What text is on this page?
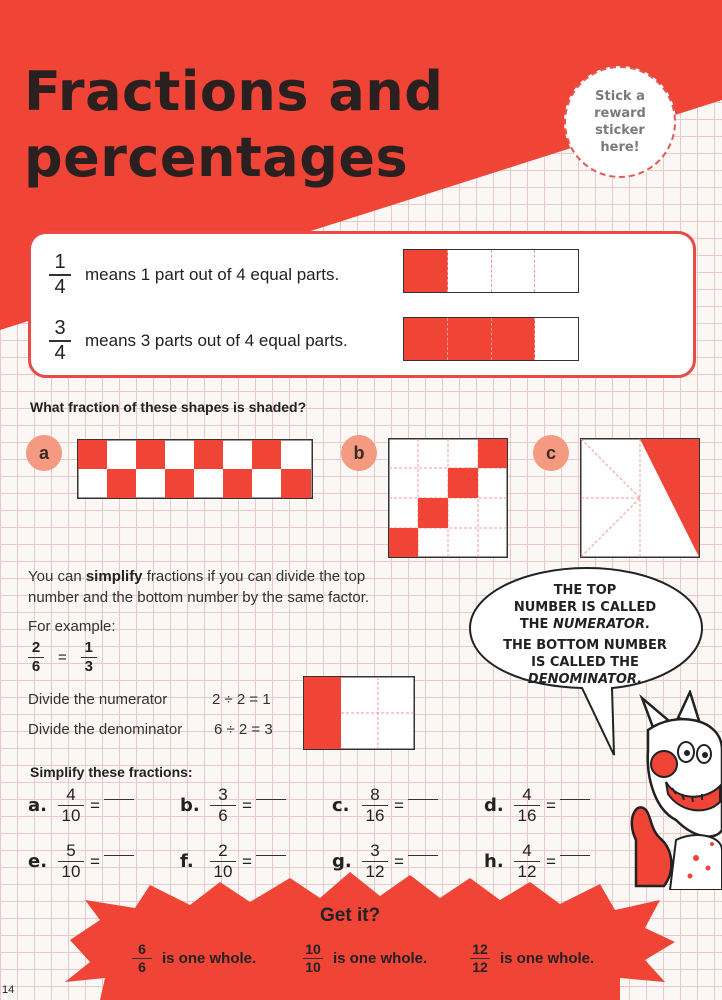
Fractions and
percentages
Stick a reward sticker here!
$\frac{1}{4}$ means 1 part out of 4 equal parts.
$\frac{3}{4}$ means 3 parts out of 4 equal parts.
What fraction of these shapes is shaded?
a	b	c
You can simplify fractions if you can divide the top
number and the bottom number by the same factor.
For example:
$\frac{2}{6} = \frac{1}{3}$
Divide the numerator	2 ÷ 2 = 1
Divide the denominator 6 ÷ 2 = 3
THE TOP
NUMBER IS CALLED
THE NUMERATOR.
THE BOTTOM NUMBER
IS CALLED THE
DENOMINATOR.
Simplify these fractions:
a. $\frac{4}{10}$ =	b. $\frac{3}{6}$ =	c. $\frac{8}{16}$ =	d. $\frac{4}{16}$ =
e. $\frac{5}{10}$ =	f. $\frac{2}{10}$ =	g. $\frac{3}{12}$ =	h. $\frac{4}{12}$ =
Get it?
$\frac{6}{6}$ is one whole.	$\frac{10}{10}$ is one whole.	$\frac{12}{12}$ is one whole.
14
